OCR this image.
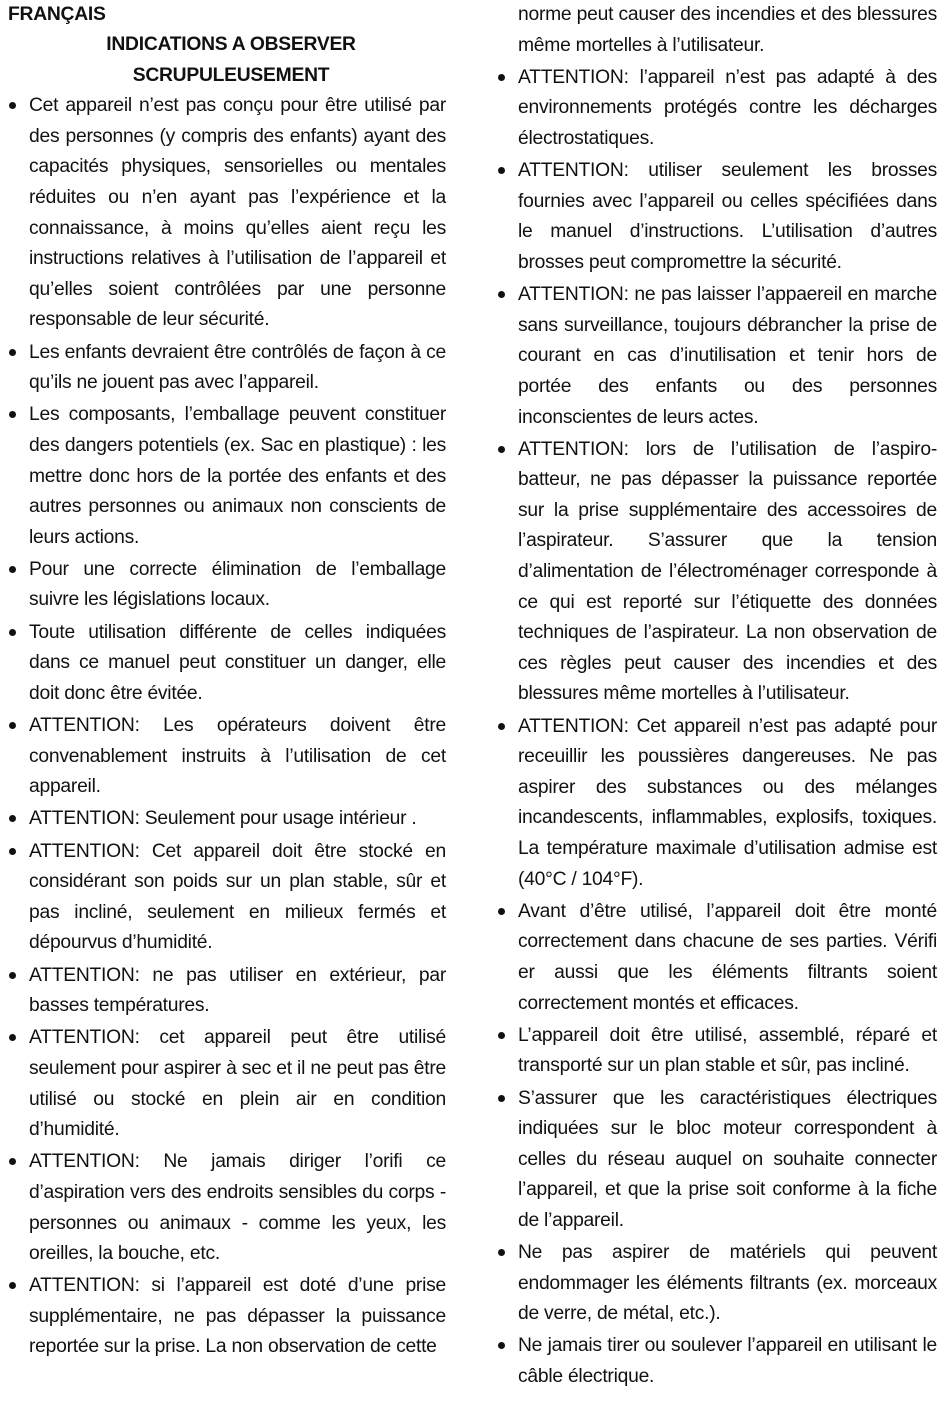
FRANÇAIS

INDICATIONS A OBSERVER
SCRUPULEUSEMENT
Cet appareil n’est pas conçu pour être utilisé par des personnes (y compris des enfants) ayant des capacités physiques, sensorielles ou mentales réduites ou n’en ayant pas l’expérience et la connaissance, à moins qu’elles aient reçu les instructions relatives à l’utilisation de l’appareil et qu’elles soient contrôlées par une personne responsable de leur sécurité.
Les enfants devraient être contrôlés de façon à ce qu’ils ne jouent pas avec l’appareil.
Les composants, l’emballage peuvent constituer des dangers potentiels (ex. Sac en plastique) : les mettre donc hors de la portée des enfants et des autres personnes ou animaux non conscients de leurs actions.
Pour une correcte élimination de l’emballage suivre les législations locaux.
Toute utilisation différente de celles indiquées dans ce manuel peut constituer un danger, elle doit donc être évitée.
ATTENTION: Les opérateurs doivent être convenablement instruits à l’utilisation de cet appareil.
ATTENTION: Seulement pour usage intérieur .
ATTENTION: Cet appareil doit être stocké en considérant son poids sur un plan stable, sûr et pas incliné, seulement en milieux fermés et dépourvus d’humidité.
ATTENTION: ne pas utiliser en extérieur, par basses températures.
ATTENTION: cet appareil peut être utilisé seulement pour aspirer à sec et il ne peut pas être utilisé ou stocké en plein air en condition d’humidité.
ATTENTION: Ne jamais diriger l’orifi ce d’aspiration vers des endroits sensibles du corps - personnes ou animaux - comme les yeux, les oreilles, la bouche, etc.
ATTENTION: si l’appareil est doté d’une prise supplémentaire, ne pas dépasser la puissance reportée sur la prise. La non observation de cette
norme peut causer des incendies et des blessures même mortelles à l’utilisateur.
ATTENTION: l’appareil n’est pas adapté à des environnements protégés contre les décharges électrostatiques.
ATTENTION: utiliser seulement les brosses fournies avec l’appareil ou celles spécifiées dans le manuel d’instructions. L’utilisation d’autres brosses peut compromettre la sécurité.
ATTENTION: ne pas laisser l’appaereil en marche sans surveillance, toujours débrancher la prise de courant en cas d’inutilisation et tenir hors de portée des enfants ou des personnes inconscientes de leurs actes.
ATTENTION: lors de l’utilisation de l’aspiro-batteur, ne pas dépasser la puissance reportée sur la prise supplémentaire des accessoires de l’aspirateur. S’assurer que la tension d’alimentation de l’électroménager corresponde à ce qui est reporté sur l’étiquette des données techniques de l’aspirateur. La non observation de ces règles peut causer des incendies et des blessures même mortelles à l’utilisateur.
ATTENTION: Cet appareil n’est pas adapté pour receuillir les poussières dangereuses. Ne pas aspirer des substances ou des mélanges incandescents, inflammables, explosifs, toxiques. La température maximale d’utilisation admise est (40°C / 104°F).
Avant d’être utilisé, l’appareil doit être monté correctement dans chacune de ses parties. Vérifi er aussi que les éléments filtrants soient correctement montés et efficaces.
L’appareil doit être utilisé, assemblé, réparé et transporté sur un plan stable et sûr, pas incliné.
S’assurer que les caractéristiques électriques indiquées sur le bloc moteur correspondent à celles du réseau auquel on souhaite connecter l’appareil, et que la prise soit conforme à la fiche de l’appareil.
Ne pas aspirer de matériels qui peuvent endommager les éléments filtrants (ex. morceaux de verre, de métal, etc.).
Ne jamais tirer ou soulever l’appareil en utilisant le câble électrique.
